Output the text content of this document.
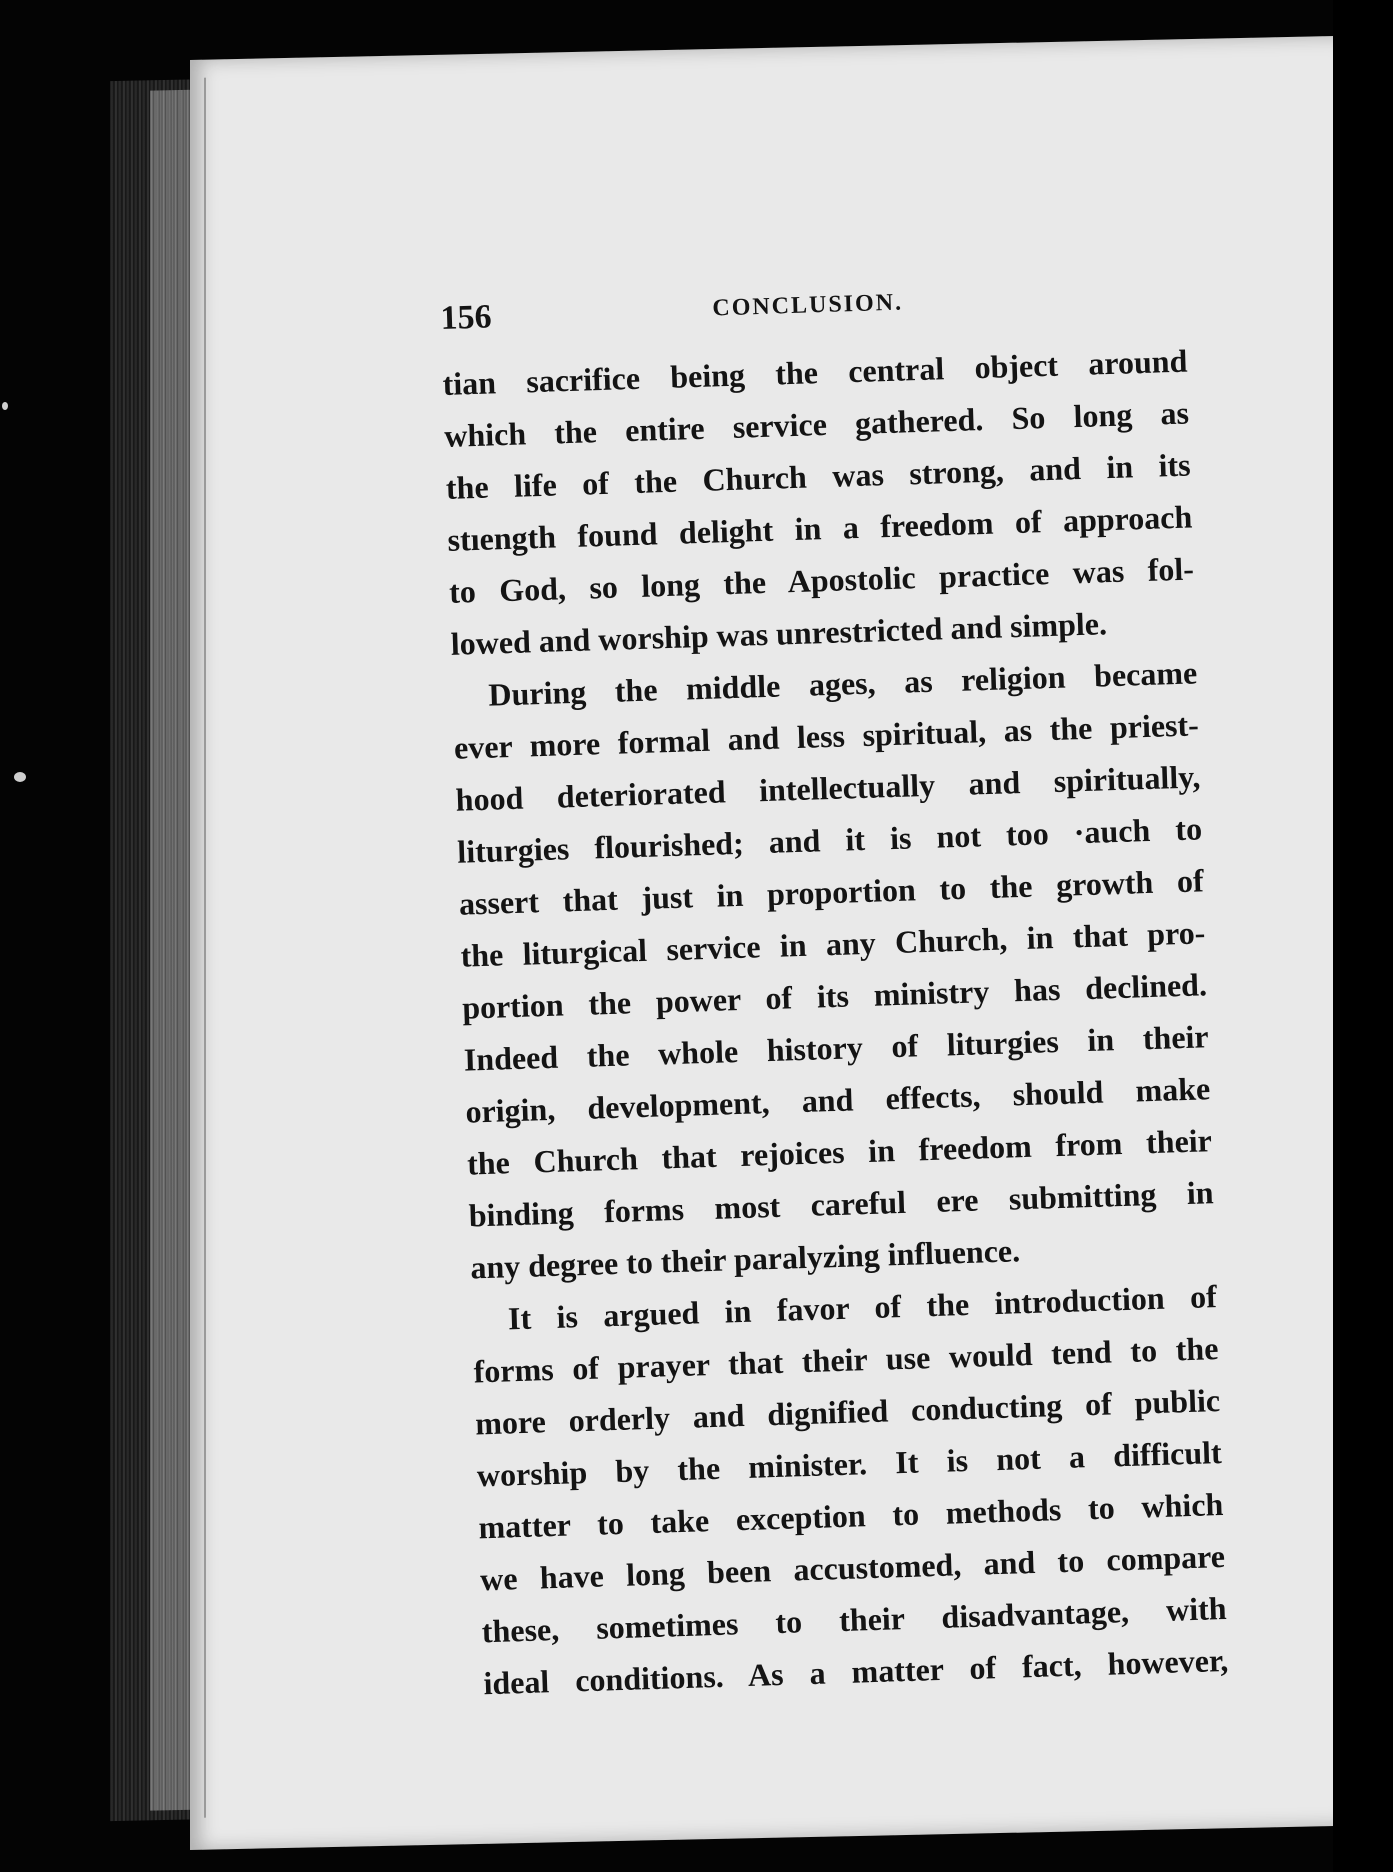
156	CONCLUSION.
tian sacrifice being the central object around
which the entire service gathered. So long as
the life of the Church was strong, and in its
stıength found delight in a freedom of approach
to God, so long the Apostolic practice was fol-
lowed and worship was unrestricted and simple.
During the middle ages, as religion became
ever more formal and less spiritual, as the priest-
hood deteriorated intellectually and spiritually,
liturgies flourished; and it is not too ·auch to
assert that just in proportion to the growth of
the liturgical service in any Church, in that pro-
portion the power of its ministry has declined.
Indeed the whole history of liturgies in their
origin, development, and effects, should make
the Church that rejoices in freedom from their
binding forms most careful ere submitting in
any degree to their paralyzing influence.
It is argued in favor of the introduction of
forms of prayer that their use would tend to the
more orderly and dignified conducting of public
worship by the minister. It is not a difficult
matter to take exception to methods to which
we have long been accustomed, and to compare
these, sometimes to their disadvantage, with
ideal conditions. As a matter of fact, however,
